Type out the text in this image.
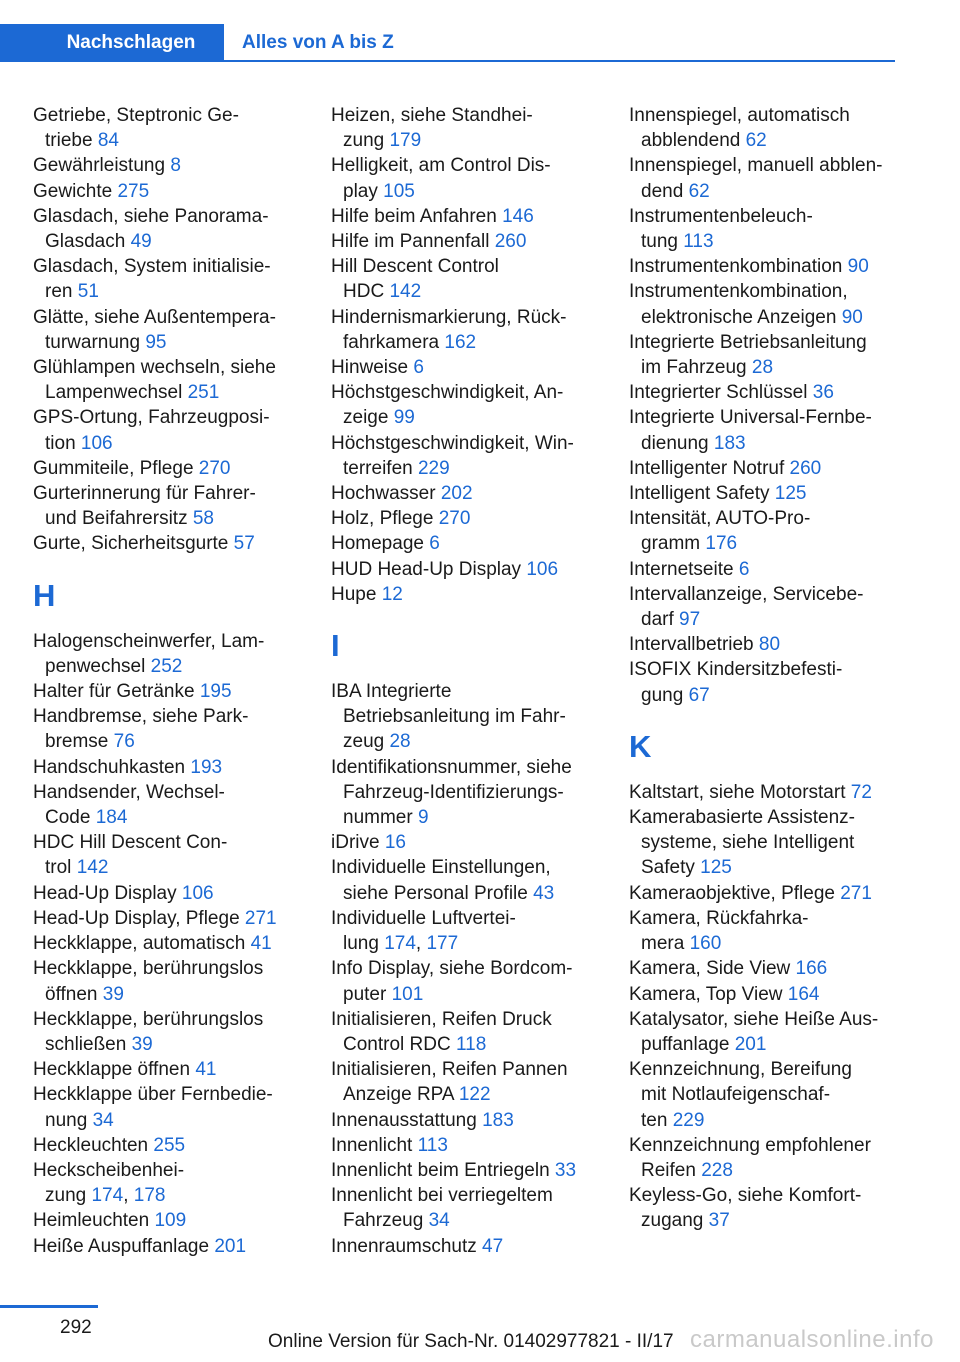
Nachschlagen	Alles von A bis Z
Getriebe, Steptronic Ge-
triebe 84
Gewährleistung 8
Gewichte 275
Glasdach, siehe Panorama-
Glasdach 49
Glasdach, System initialisie-
ren 51
Glätte, siehe Außentempera-
turwarnung 95
Glühlampen wechseln, siehe
Lampenwechsel 251
GPS-Ortung, Fahrzeugposi-
tion 106
Gummiteile, Pflege 270
Gurterinnerung für Fahrer-
und Beifahrersitz 58
Gurte, Sicherheitsgurte 57
H
Halogenscheinwerfer, Lam-
penwechsel 252
Halter für Getränke 195
Handbremse, siehe Park-
bremse 76
Handschuhkasten 193
Handsender, Wechsel-
Code 184
HDC Hill Descent Con-
trol 142
Head-Up Display 106
Head-Up Display, Pflege 271
Heckklappe, automatisch 41
Heckklappe, berührungslos
öffnen 39
Heckklappe, berührungslos
schließen 39
Heckklappe öffnen 41
Heckklappe über Fernbedie-
nung 34
Heckleuchten 255
Heckscheibenhei-
zung 174, 178
Heimleuchten 109
Heiße Auspuffanlage 201
Heizen, siehe Standhei-
zung 179
Helligkeit, am Control Dis-
play 105
Hilfe beim Anfahren 146
Hilfe im Pannenfall 260
Hill Descent Control
HDC 142
Hindernismarkierung, Rück-
fahrkamera 162
Hinweise 6
Höchstgeschwindigkeit, An-
zeige 99
Höchstgeschwindigkeit, Win-
terreifen 229
Hochwasser 202
Holz, Pflege 270
Homepage 6
HUD Head-Up Display 106
Hupe 12
I
IBA Integrierte
Betriebsanleitung im Fahr-
zeug 28
Identifikationsnummer, siehe
Fahrzeug-Identifizierungs-
nummer 9
iDrive 16
Individuelle Einstellungen,
siehe Personal Profile 43
Individuelle Luftvertei-
lung 174, 177
Info Display, siehe Bordcom-
puter 101
Initialisieren, Reifen Druck
Control RDC 118
Initialisieren, Reifen Pannen
Anzeige RPA 122
Innenausstattung 183
Innenlicht 113
Innenlicht beim Entriegeln 33
Innenlicht bei verriegeltem
Fahrzeug 34
Innenraumschutz 47
Innenspiegel, automatisch
abblendend 62
Innenspiegel, manuell abblen-
dend 62
Instrumentenbeleuch-
tung 113
Instrumentenkombination 90
Instrumentenkombination,
elektronische Anzeigen 90
Integrierte Betriebsanleitung
im Fahrzeug 28
Integrierter Schlüssel 36
Integrierte Universal-Fernbe-
dienung 183
Intelligenter Notruf 260
Intelligent Safety 125
Intensität, AUTO-Pro-
gramm 176
Internetseite 6
Intervallanzeige, Servicebe-
darf 97
Intervallbetrieb 80
ISOFIX Kindersitzbefesti-
gung 67
K
Kaltstart, siehe Motorstart 72
Kamerabasierte Assistenz-
systeme, siehe Intelligent
Safety 125
Kameraobjektive, Pflege 271
Kamera, Rückfahrka-
mera 160
Kamera, Side View 166
Kamera, Top View 164
Katalysator, siehe Heiße Aus-
puffanlage 201
Kennzeichnung, Bereifung
mit Notlaufeigenschaf-
ten 229
Kennzeichnung empfohlener
Reifen 228
Keyless-Go, siehe Komfort-
zugang 37
292
Online Version für Sach-Nr. 01402977821 - II/17 carmanualsonline.info
